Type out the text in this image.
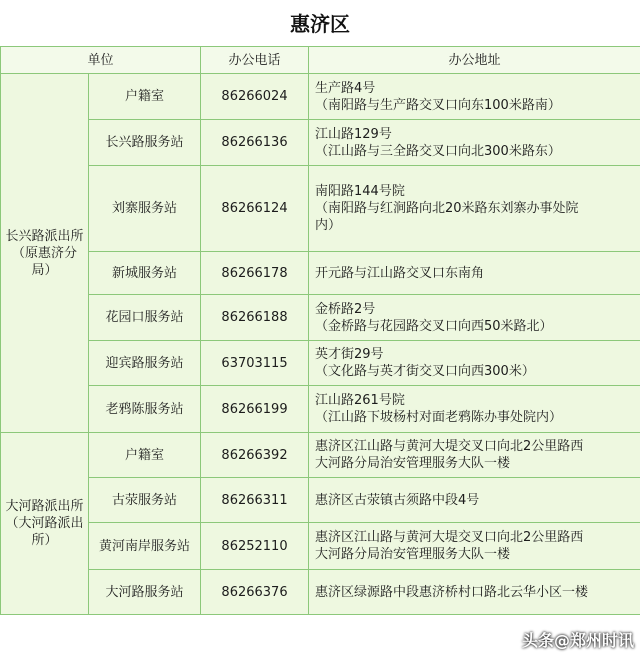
惠济区
单位		办公电话	办公地址
长兴路派出所（原惠济分局）	户籍室	86266024	生产路4号
（南阳路与生产路交叉口向东100米路南）

	长兴路服务站	86266136	江山路129号
（江山路与三全路交叉口向北300米路东）

	刘寨服务站	86266124	南阳路144号院
（南阳路与红涧路向北20米路东刘寨办事处院
内）

	新城服务站	86266178	开元路与江山路交叉口东南角

	花园口服务站	86266188	金桥路2号
（金桥路与花园路交叉口向西50米路北）

	迎宾路服务站	63703115	英才街29号
（文化路与英才街交叉口向西300米）

	老鸦陈服务站	86266199	江山路261号院
（江山路下坡杨村对面老鸦陈办事处院内）

大河路派出所（大河路派出所）	户籍室	86266392	惠济区江山路与黄河大堤交叉口向北2公里路西
大河路分局治安管理服务大队一楼

	古荥服务站	86266311	惠济区古荥镇古须路中段4号

	黄河南岸服务站	86252110	惠济区江山路与黄河大堤交叉口向北2公里路西
大河路分局治安管理服务大队一楼

	大河路服务站	86266376	惠济区绿源路中段惠济桥村口路北云华小区一楼
头条@郑州时讯
